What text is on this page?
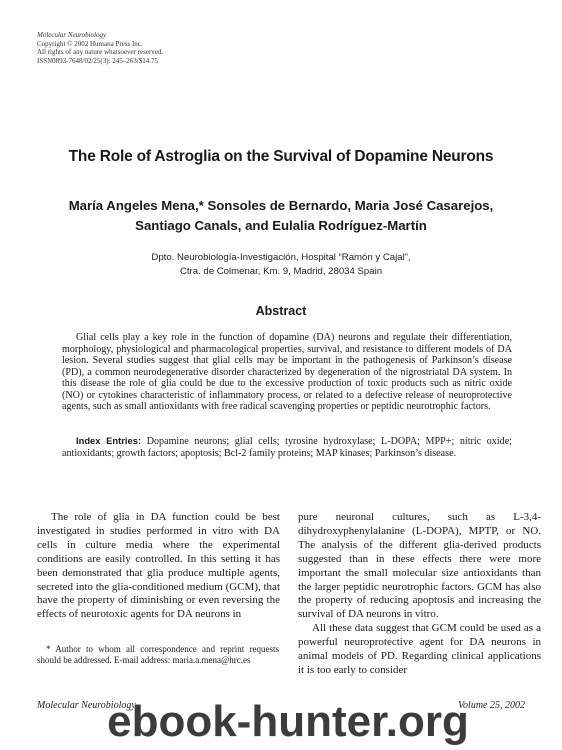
Molecular Neurobiology
Copyright © 2002 Humana Press Inc.
All rights of any nature whatsoever reserved.
ISSN0893-7648/02/25(3): 245–263/$14.75
The Role of Astroglia on the Survival of Dopamine Neurons
María Angeles Mena,* Sonsoles de Bernardo, Maria José Casarejos,
Santiago Canals, and Eulalia Rodríguez-Martín
Dpto. Neurobiología-Investigación, Hospital “Ramón y Cajal”,
Ctra. de Colmenar, Km. 9, Madrid, 28034 Spain
Abstract

Glial cells play a key role in the function of dopamine (DA) neurons and regulate their differentiation, morphology, physiological and pharmacological properties, survival, and resistance to different models of DA lesion. Several studies suggest that glial cells may be important in the pathogenesis of Parkinson’s disease (PD), a common neurodegenerative disorder characterized by degeneration of the nigrostriatal DA system. In this disease the role of glia could be due to the excessive production of toxic products such as nitric oxide (NO) or cytokines characteristic of inflammatory process, or related to a defective release of neuroprotective agents, such as small antioxidants with free radical scavenging properties or peptidic neurotrophic factors.

Index Entries: Dopamine neurons; glial cells; tyrosine hydroxylase; L-DOPA; MPP+; nitric oxide; antioxidants; growth factors; apoptosis; Bcl-2 family proteins; MAP kinases; Parkinson’s disease.

The role of glia in DA function could be best investigated in studies performed in vitro with DA cells in culture media where the experimental conditions are easily controlled. In this setting it has been demonstrated that glia produce multiple agents, secreted into the glia-conditioned medium (GCM), that have the property of diminishing or even reversing the effects of neurotoxic agents for DA neurons in

pure neuronal cultures, such as L-3,4-dihydroxyphenylalanine (L-DOPA), MPTP, or NO. The analysis of the different glia-derived products suggested than in these effects there were more important the small molecular size antioxidants than the larger peptidic neurotrophic factors. GCM has also the property of reducing apoptosis and increasing the survival of DA neurons in vitro.

All these data suggest that GCM could be used as a powerful neuroprotective agent for DA neurons in animal models of PD. Regarding clinical applications it is too early to consider

* Author to whom all correspondence and reprint requests should be addressed. E-mail address: maria.a.mena@hrc.es

Molecular Neurobiology	Volume 25, 2002
ebook-hunter.org
